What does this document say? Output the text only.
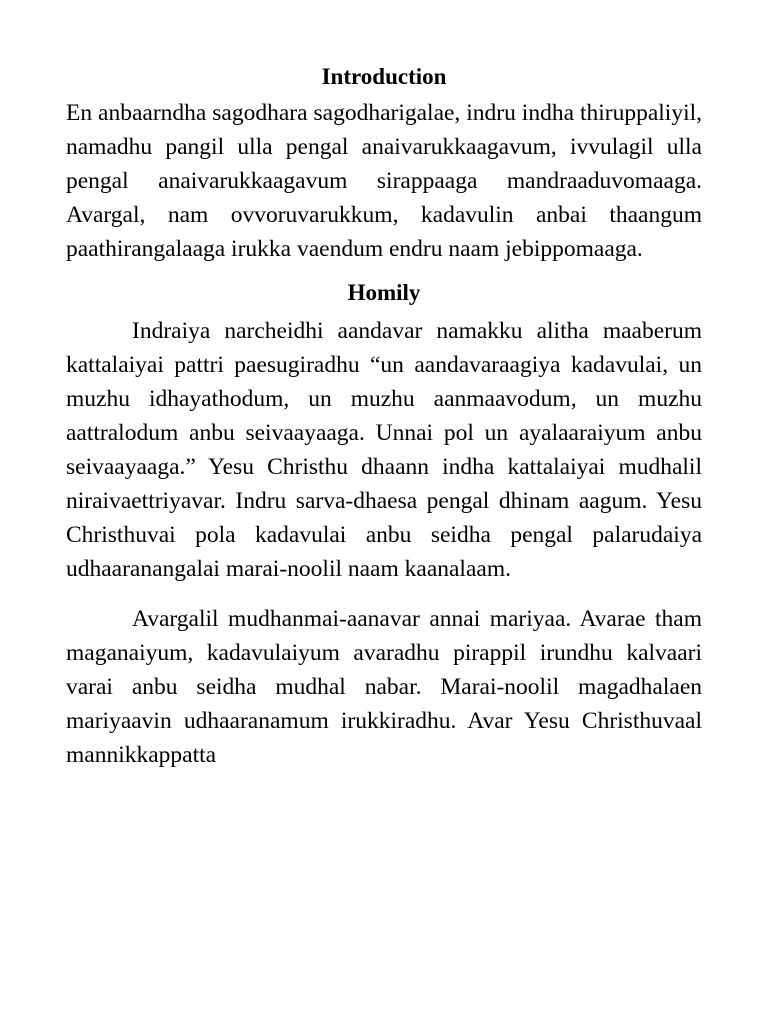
Introduction

En anbaarndha sagodhara sagodharigalae, indru indha thiruppaliyil, namadhu pangil ulla pengal anaivarukkaagavum, ivvulagil ulla pengal anaivarukkaagavum sirappaaga mandraaduvomaaga. Avargal, nam ovvoruvarukkum, kadavulin anbai thaangum paathirangalaaga irukka vaendum endru naam jebippomaaga.

Homily

Indraiya narcheidhi aandavar namakku alitha maaberum kattalaiyai pattri paesugiradhu “un aandavaraagiya kadavulai, un muzhu idhayathodum, un muzhu aanmaavodum, un muzhu aattralodum anbu seivaayaaga. Unnai pol un ayalaaraiyum anbu seivaayaaga.” Yesu Christhu dhaann indha kattalaiyai mudhalil niraivaettriyavar. Indru sarva-dhaesa pengal dhinam aagum. Yesu Christhuvai pola kadavulai anbu seidha pengal palarudaiya udhaaranangalai marai-noolil naam kaanalaam.

Avargalil mudhanmai-aanavar annai mariyaa. Avarae tham maganaiyum, kadavulaiyum avaradhu pirappil irundhu kalvaari varai anbu seidha mudhal nabar. Marai-noolil magadhalaen mariyaavin udhaaranamum irukkiradhu. Avar Yesu Christhuvaal mannikkappatta
